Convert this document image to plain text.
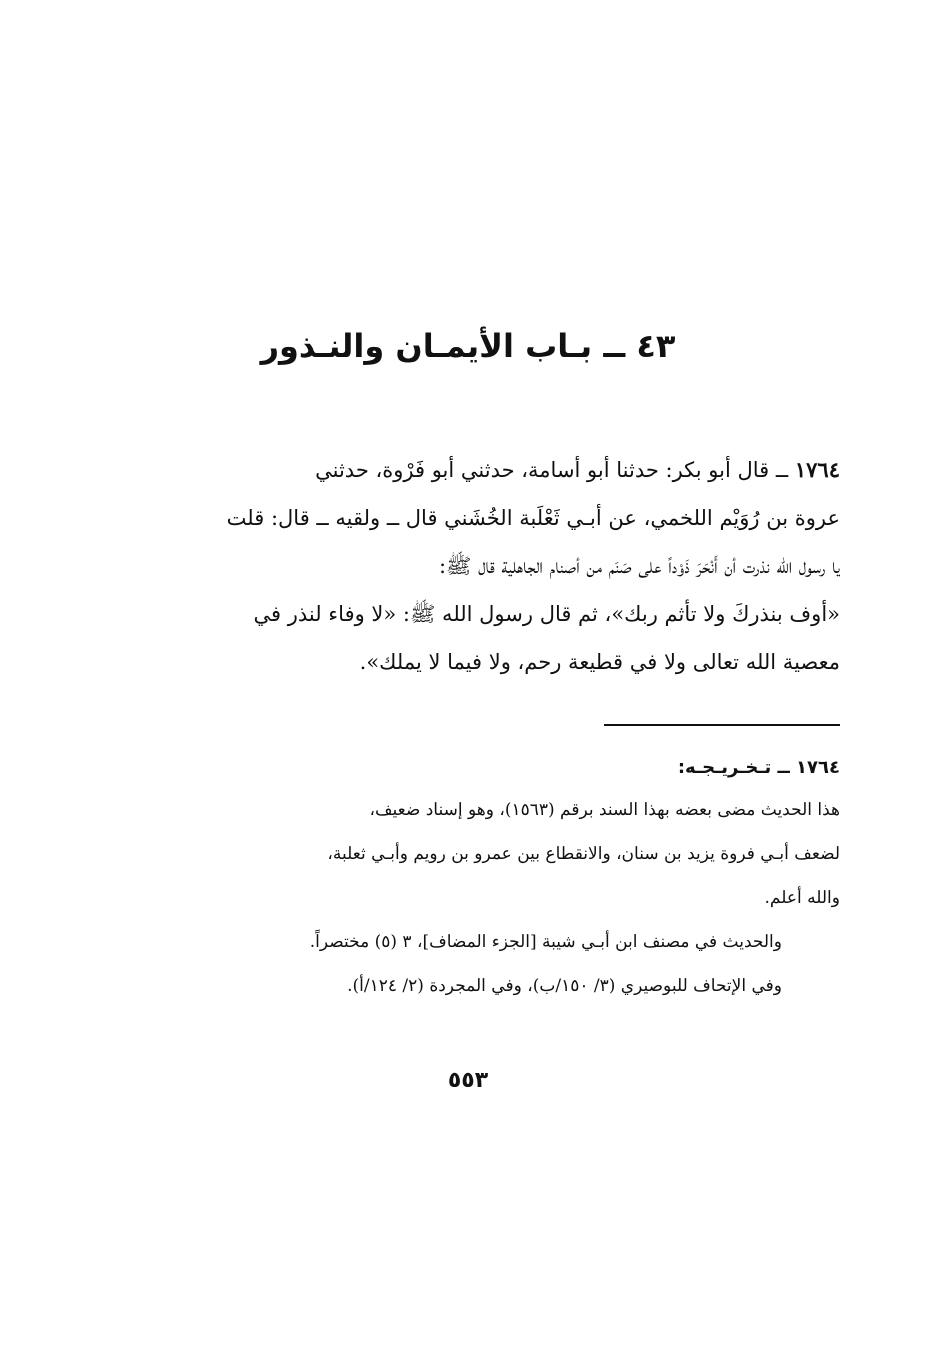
٤٣ ــ بـاب الأيمـان والنـذور
١٧٦٤ ــ قال أبو بكر: حدثنا أبو أسامة، حدثني أبو فَرْوة، حدثني
عروة بن رُوَيْم اللخمي، عن أبـي ثَعْلَبة الخُشَني قال ــ ولقيه ــ قال: قلت
يا رسول الله نذرت أن أَنْحَرَ ذَوْداً على صَنَم من أصنام الجاهلية قال ﷺ:
«أوف بنذركَ ولا تأثم ربك»، ثم قال رسول الله ﷺ: «لا وفاء لنذر في
معصية الله تعالى ولا في قطيعة رحم، ولا فيما لا يملك».
١٧٦٤ ــ تـخـريـجـه:
هذا الحديث مضى بعضه بهذا السند برقم (١٥٦٣)، وهو إسناد ضعيف،
لضعف أبـي فروة يزيد بن سنان، والانقطاع بين عمرو بن رويم وأبـي ثعلبة،
والله أعلم.
والحديث في مصنف ابن أبـي شيبة [الجزء المضاف]، ٣ (٥) مختصراً.
وفي الإتحاف للبوصيري (٣/ ١٥٠/ب)، وفي المجردة (٢/ ١٢٤/أ).
٥٥٣
